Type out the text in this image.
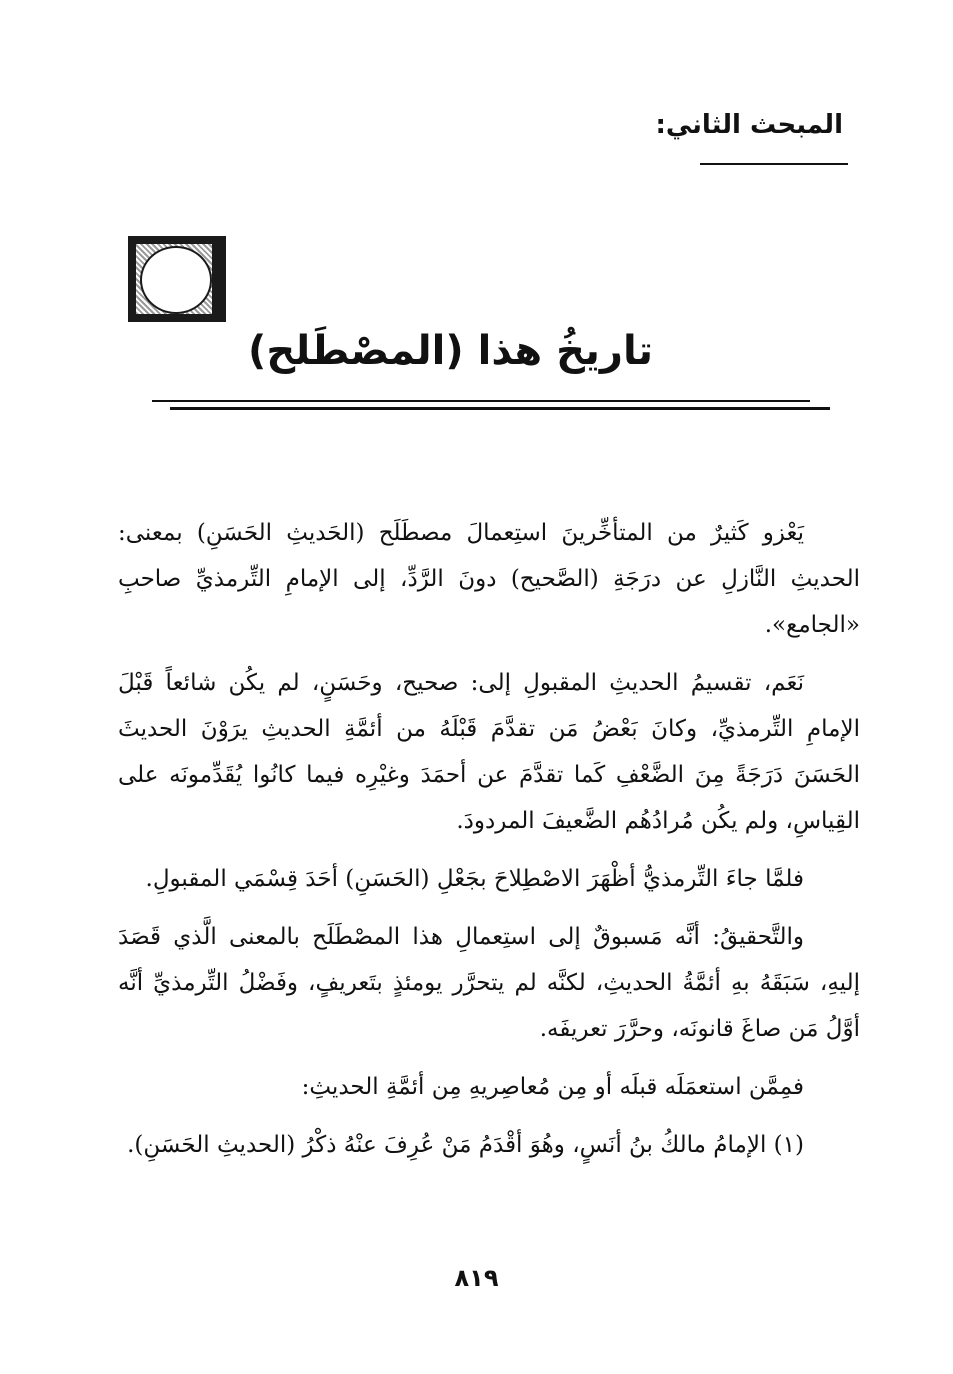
المبحث الثاني:
تاريخُ هذا (المصْطَلح)

يَعْزو كَثيرٌ من المتأخِّرينَ استِعمالَ مصطَلَح (الحَديثِ الحَسَنِ) بمعنى: الحديثِ النَّازلِ عن درَجَةِ (الصَّحيح) دونَ الرَّدِّ، إلى الإمامِ التِّرمذيِّ صاحبِ «الجامع».

نَعَم، تقسيمُ الحديثِ المقبولِ إلى: صحيح، وحَسَنٍ، لم يكُن شائعاً قَبْلَ الإمامِ التِّرمذيِّ، وكانَ بَعْضُ مَن تقدَّمَ قَبْلَهُ من أئمَّةِ الحديثِ يرَوْنَ الحديثَ الحَسَنَ دَرَجَةً مِنَ الضَّعْفِ كَما تقدَّمَ عن أحمَدَ وغيْرِه فيما كانُوا يُقَدِّمونَه على القِياسِ، ولم يكُن مُرادُهُم الضَّعيفَ المردودَ.

فلمَّا جاءَ التِّرمذيُّ أظْهَرَ الاصْطِلاحَ بجَعْلِ (الحَسَنِ) أحَدَ قِسْمَي المقبولِ.

والتَّحقيقُ: أنَّه مَسبوقٌ إلى استِعمالِ هذا المصْطَلَح بالمعنى الَّذي قَصَدَ إليهِ، سَبَقَهُ بهِ أئمَّةُ الحديثِ، لكنَّه لم يتحرَّر يومئذٍ بتَعريفٍ، وفَضْلُ التِّرمذيِّ أنَّه أوَّلُ مَن صاغَ قانونَه، وحرَّرَ تعريفَه.

فمِمَّن استعمَلَه قبلَه أو مِن مُعاصِريهِ مِن أئمَّةِ الحديثِ:

(١) الإمامُ مالكُ بنُ أنَسٍ، وهُوَ أقْدَمُ مَنْ عُرِفَ عنْهُ ذكْرُ (الحديثِ الحَسَنِ).

٨١٩
